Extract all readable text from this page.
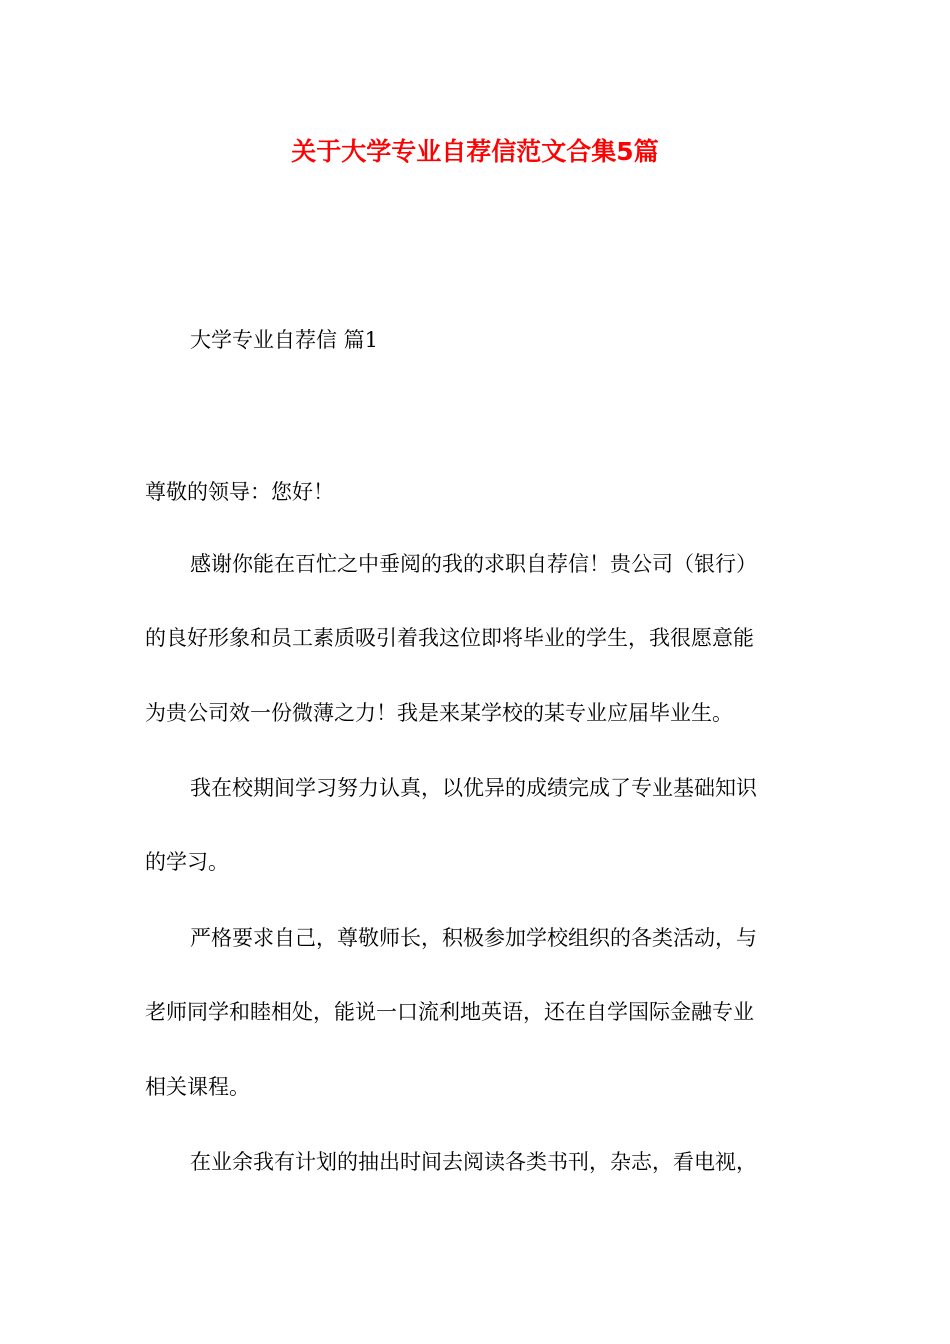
关于大学专业自荐信范文合集5篇
大学专业自荐信 篇1
尊敬的领导：您好！
感谢你能在百忙之中垂阅的我的求职自荐信！贵公司（银行）
的良好形象和员工素质吸引着我这位即将毕业的学生，我很愿意能
为贵公司效一份微薄之力！我是来某学校的某专业应届毕业生。
我在校期间学习努力认真，以优异的成绩完成了专业基础知识
的学习。
严格要求自己，尊敬师长，积极参加学校组织的各类活动，与
老师同学和睦相处，能说一口流利地英语，还在自学国际金融专业
相关课程。
在业余我有计划的抽出时间去阅读各类书刊，杂志，看电视，
